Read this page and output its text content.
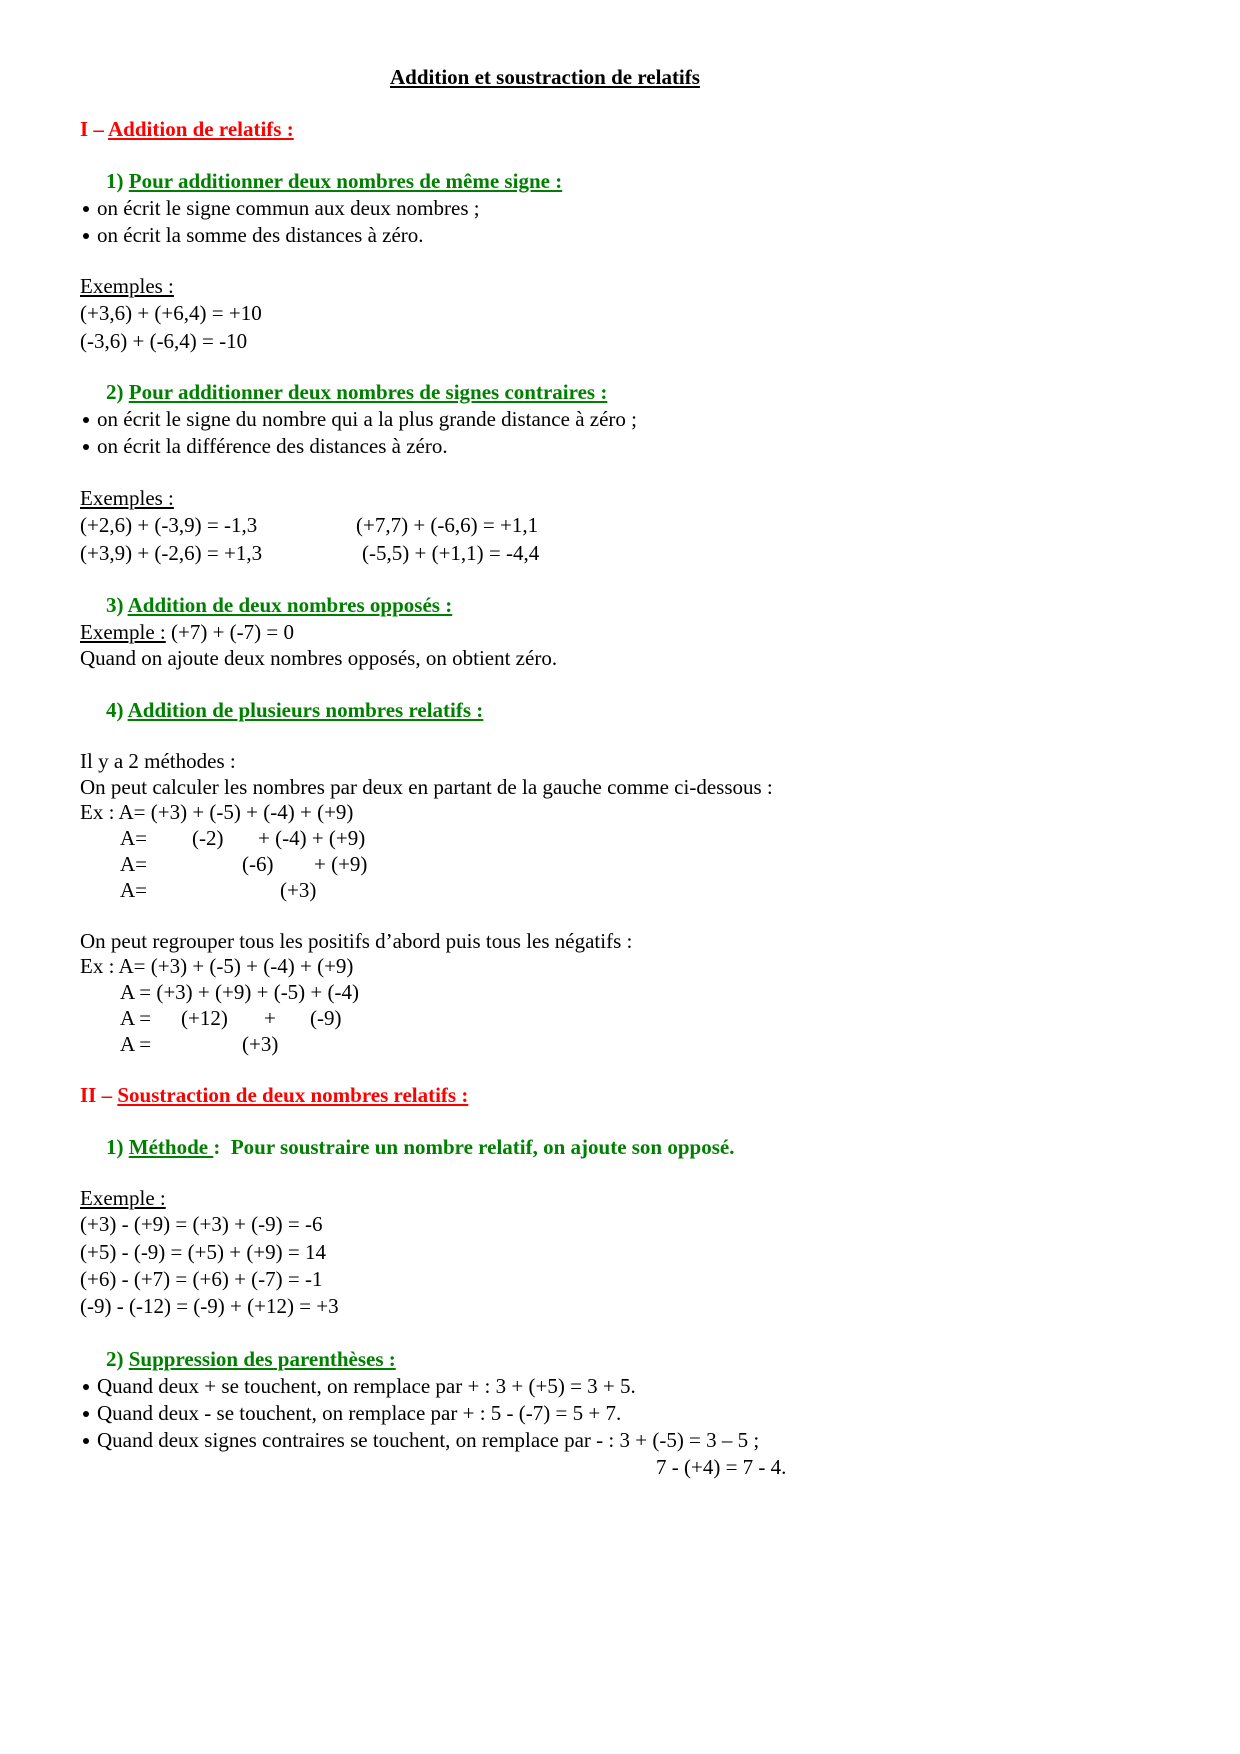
Addition et soustraction de relatifs
I – Addition de relatifs :
1) Pour additionner deux nombres de même signe :
on écrit le signe commun aux deux nombres ;
on écrit la somme des distances à zéro.
Exemples :
(+3,6) + (+6,4) = +10
(-3,6) + (-6,4) = -10
2) Pour additionner deux nombres de signes contraires :
on écrit le signe du nombre qui a la plus grande distance à zéro ;
on écrit la différence des distances à zéro.
Exemples :
(+2,6) + (-3,9) = -1,3	(+7,7) + (-6,6) = +1,1
(+3,9) + (-2,6) = +1,3	(-5,5) + (+1,1) = -4,4
3) Addition de deux nombres opposés :
Exemple : (+7) + (-7) = 0
Quand on ajoute deux nombres opposés, on obtient zéro.
4) Addition de plusieurs nombres relatifs :
Il y a 2 méthodes :
On peut calculer les nombres par deux en partant de la gauche comme ci-dessous :
Ex : A= (+3) + (-5) + (-4) + (+9)
A= (-2) + (-4) + (+9)
A=	(-6) + (+9)
A=	(+3)
On peut regrouper tous les positifs d’abord puis tous les négatifs :
Ex : A= (+3) + (-5) + (-4) + (+9)
A = (+3) + (+9) + (-5) + (-4)
A = (+12) + (-9)
A =	(+3)
II – Soustraction de deux nombres relatifs :
1) Méthode :  Pour soustraire un nombre relatif, on ajoute son opposé.
Exemple :
(+3) - (+9) = (+3) + (-9) = -6
(+5) - (-9) = (+5) + (+9) = 14
(+6) - (+7) = (+6) + (-7) = -1
(-9) - (-12) = (-9) + (+12) = +3
2) Suppression des parenthèses :
Quand deux + se touchent, on remplace par + : 3 + (+5) = 3 + 5.
Quand deux - se touchent, on remplace par + : 5 - (-7) = 5 + 7.
Quand deux signes contraires se touchent, on remplace par - : 3 + (-5) = 3 – 5 ;
7 - (+4) = 7 - 4.
